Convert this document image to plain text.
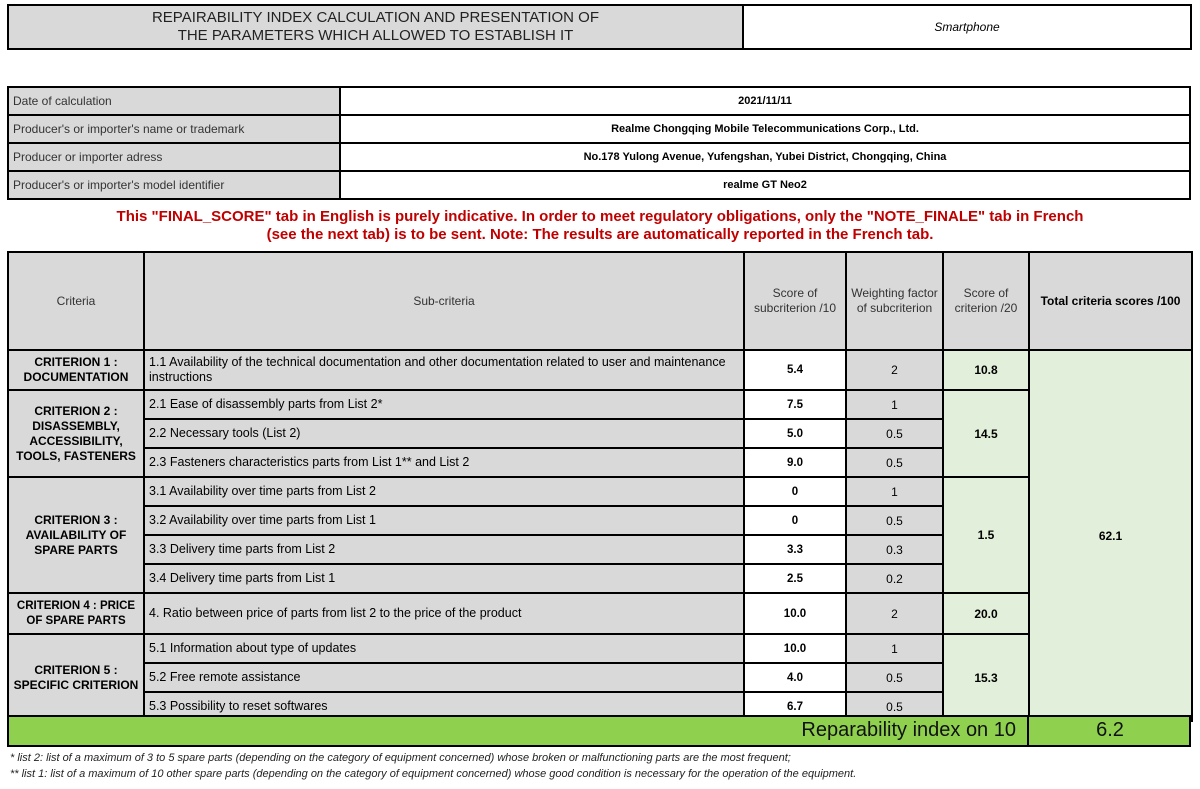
REPAIRABILITY INDEX CALCULATION AND PRESENTATION OF
THE PARAMETERS WHICH ALLOWED TO ESTABLISH IT	Smartphone
Date of calculation	2021/11/11
Producer's or importer's name or trademark	Realme Chongqing Mobile Telecommunications Corp., Ltd.
Producer or importer adress	No.178 Yulong Avenue, Yufengshan, Yubei District, Chongqing, China
Producer's or importer's model identifier	realme GT Neo2
This "FINAL_SCORE" tab in English is purely indicative. In order to meet regulatory obligations, only the "NOTE_FINALE" tab in French
(see the next tab) is to be sent. Note: The results are automatically reported in the French tab.
Criteria	Sub-criteria	Score of subcriterion /10	Weighting factor of subcriterion	Score of criterion /20	Total criteria scores /100
CRITERION 1 : DOCUMENTATION	1.1 Availability of the technical documentation and other documentation related to user and maintenance instructions	5.4	2	10.8	62.1
CRITERION 2 : DISASSEMBLY, ACCESSIBILITY, TOOLS, FASTENERS	2.1 Ease of disassembly parts from List 2*	7.5	1	14.5	
	2.2 Necessary tools (List 2)	5.0	0.5		
	2.3 Fasteners characteristics parts from List 1** and List 2	9.0	0.5		
CRITERION 3 : AVAILABILITY OF SPARE PARTS	3.1 Availability over time parts from List 2	0	1	1.5	
	3.2 Availability over time parts from List 1	0	0.5		
	3.3 Delivery time parts from List 2	3.3	0.3		
	3.4 Delivery time parts from List 1	2.5	0.2		
CRITERION 4 : PRICE OF SPARE PARTS	4. Ratio between price of parts from list 2 to the price of the product	10.0	2	20.0	
CRITERION 5 : SPECIFIC CRITERION	5.1 Information about type of updates	10.0	1	15.3	
	5.2 Free remote assistance	4.0	0.5		
	5.3 Possibility to reset softwares	6.7	0.5		
Reparability index on 10	6.2
* list 2: list of a maximum of 3 to 5 spare parts (depending on the category of equipment concerned) whose broken or malfunctioning parts are the most frequent;
** list 1: list of a maximum of 10 other spare parts (depending on the category of equipment concerned) whose good condition is necessary for the operation of the equipment.
